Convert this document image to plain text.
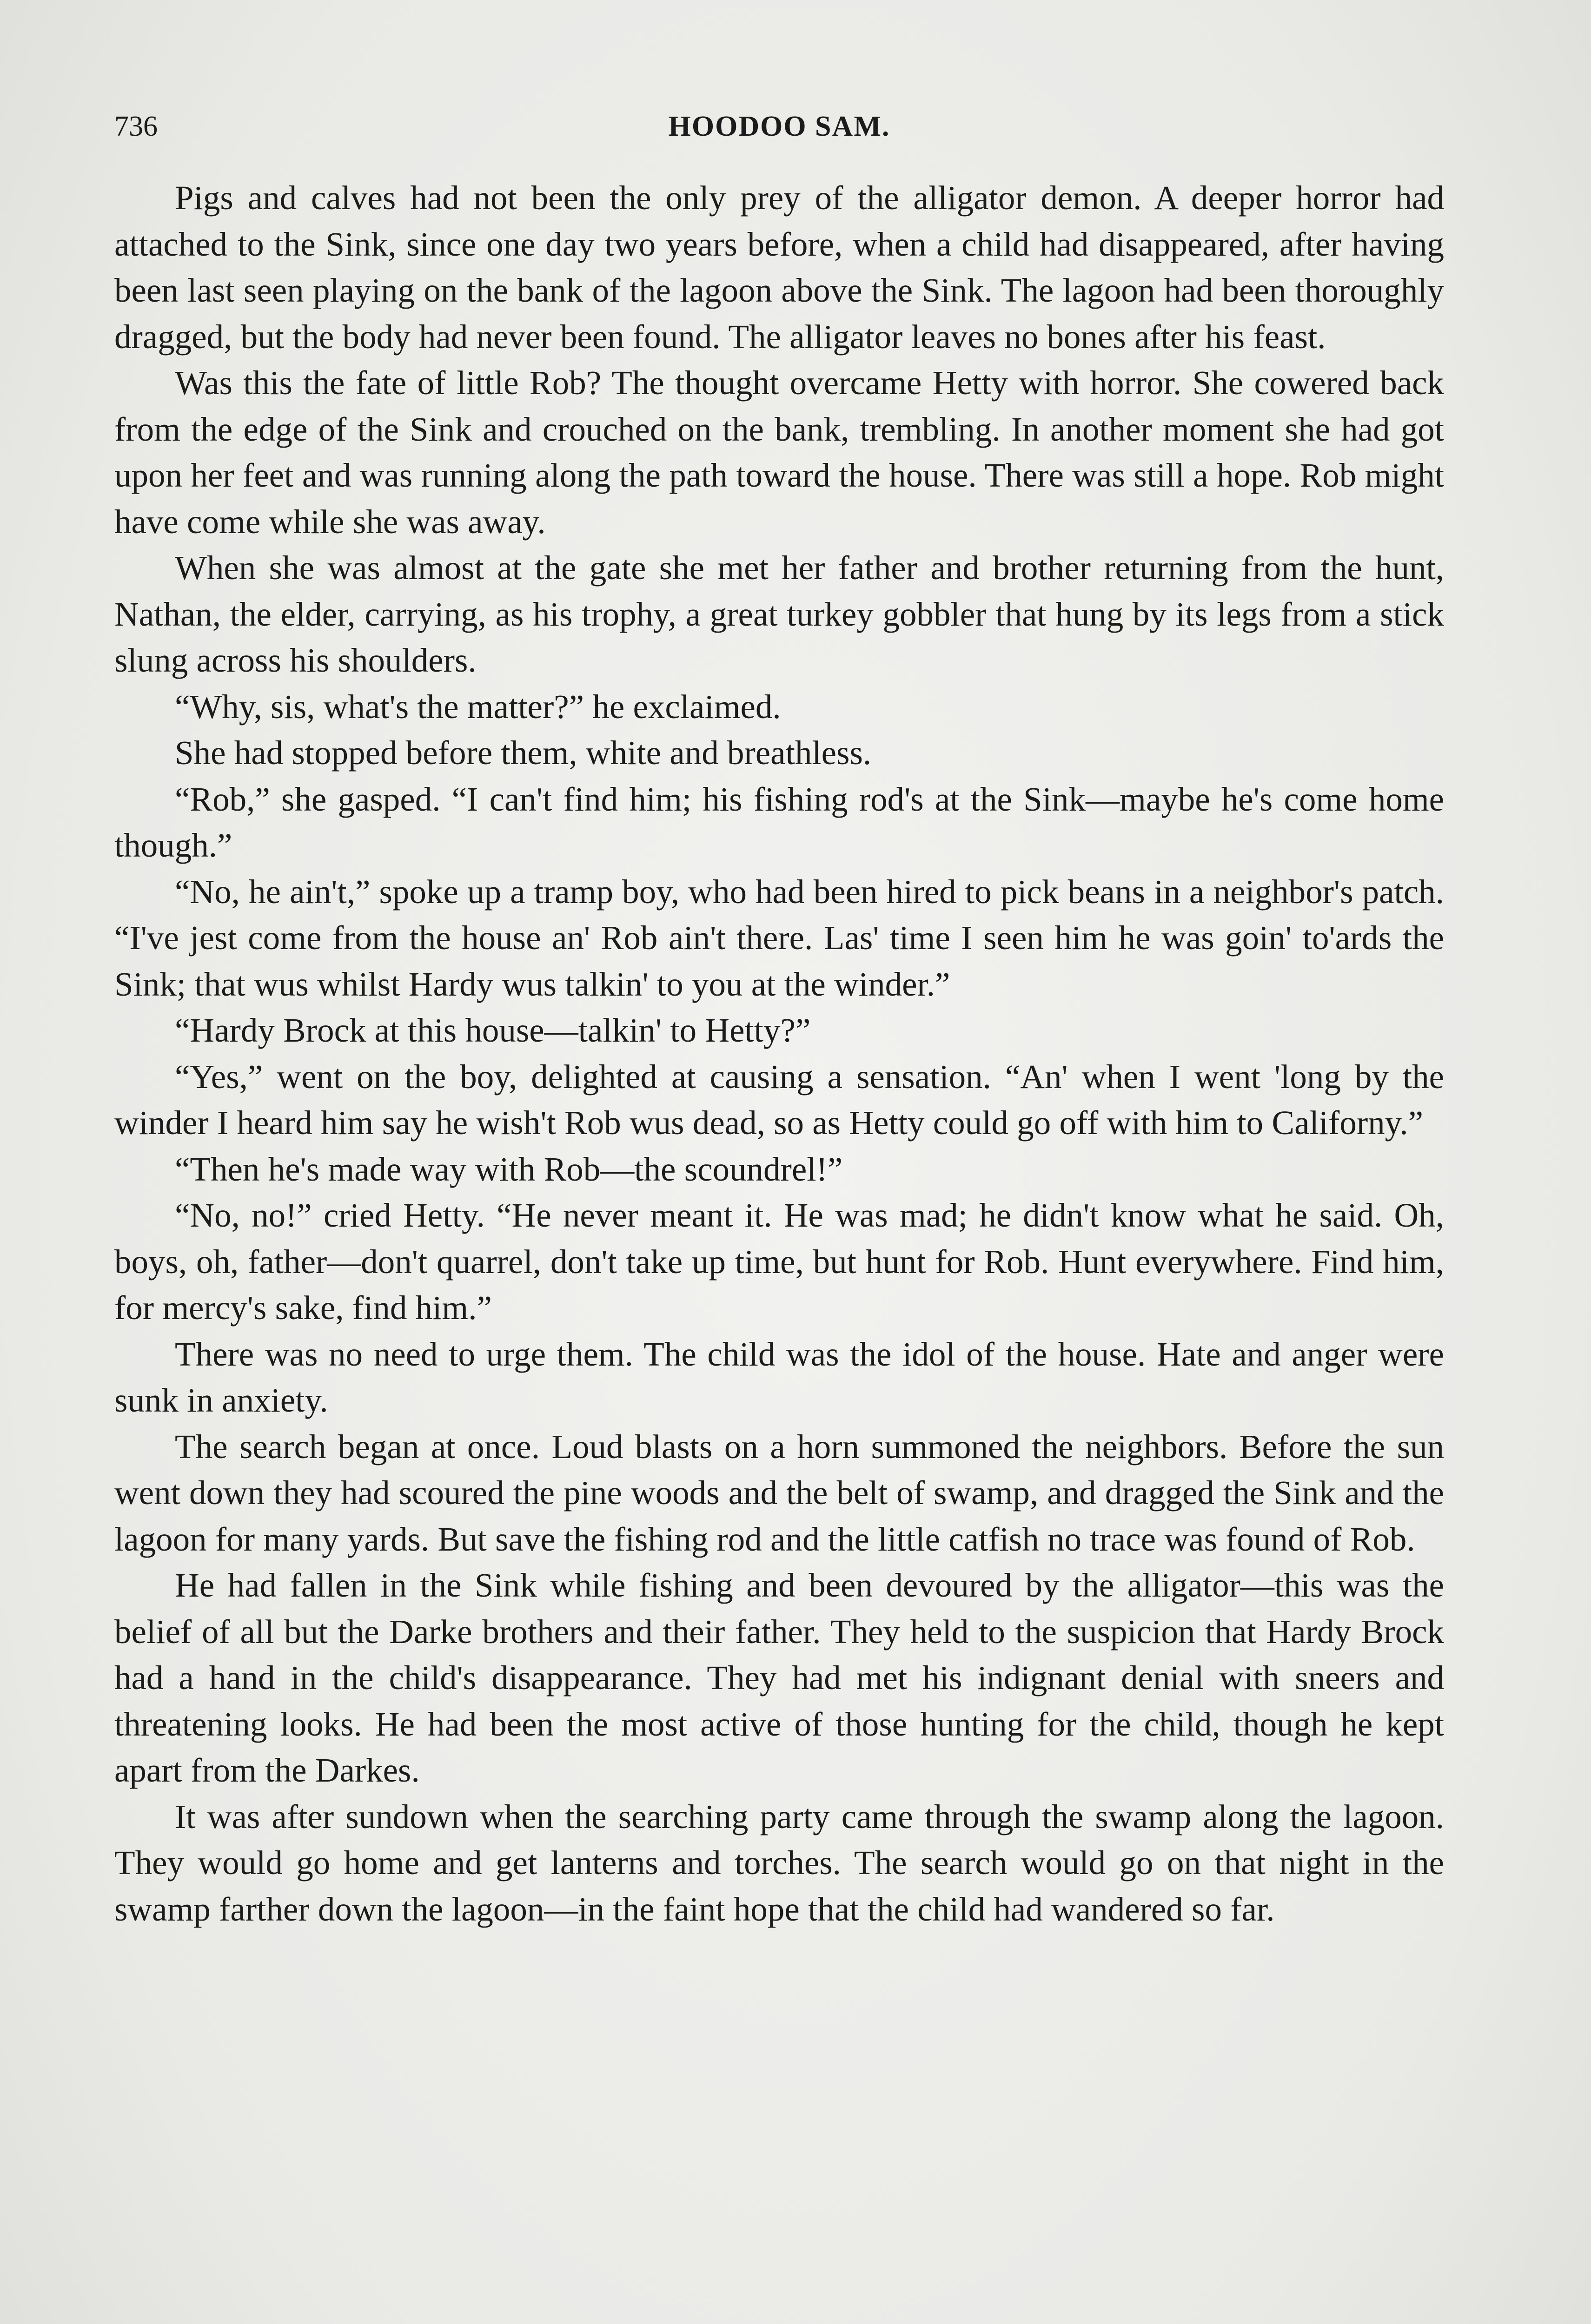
736	HOODOO SAM.

Pigs and calves had not been the only prey of the alligator demon. A deeper horror had attached to the Sink, since one day two years before, when a child had disappeared, after having been last seen playing on the bank of the lagoon above the Sink. The lagoon had been thoroughly dragged, but the body had never been found. The alligator leaves no bones after his feast.

Was this the fate of little Rob? The thought overcame Hetty with horror. She cowered back from the edge of the Sink and crouched on the bank, trembling. In another moment she had got upon her feet and was running along the path toward the house. There was still a hope. Rob might have come while she was away.

When she was almost at the gate she met her father and brother returning from the hunt, Nathan, the elder, carrying, as his trophy, a great turkey gobbler that hung by its legs from a stick slung across his shoulders.

“Why, sis, what's the matter?” he exclaimed.

She had stopped before them, white and breathless.

“Rob,” she gasped. “I can't find him; his fishing rod's at the Sink—maybe he's come home though.”

“No, he ain't,” spoke up a tramp boy, who had been hired to pick beans in a neighbor's patch. “I've jest come from the house an' Rob ain't there. Las' time I seen him he was goin' to'ards the Sink; that wus whilst Hardy wus talkin' to you at the winder.”

“Hardy Brock at this house—talkin' to Hetty?”

“Yes,” went on the boy, delighted at causing a sensation. “An' when I went 'long by the winder I heard him say he wish't Rob wus dead, so as Hetty could go off with him to Californy.”

“Then he's made way with Rob—the scoundrel!”

“No, no!” cried Hetty. “He never meant it. He was mad; he didn't know what he said. Oh, boys, oh, father—don't quarrel, don't take up time, but hunt for Rob. Hunt everywhere. Find him, for mercy's sake, find him.”

There was no need to urge them. The child was the idol of the house. Hate and anger were sunk in anxiety.

The search began at once. Loud blasts on a horn summoned the neighbors. Before the sun went down they had scoured the pine woods and the belt of swamp, and dragged the Sink and the lagoon for many yards. But save the fishing rod and the little catfish no trace was found of Rob.

He had fallen in the Sink while fishing and been devoured by the alligator—this was the belief of all but the Darke brothers and their father. They held to the suspicion that Hardy Brock had a hand in the child's disappearance. They had met his indignant denial with sneers and threatening looks. He had been the most active of those hunting for the child, though he kept apart from the Darkes.

It was after sundown when the searching party came through the swamp along the lagoon. They would go home and get lanterns and torches. The search would go on that night in the swamp farther down the lagoon—in the faint hope that the child had wandered so far.
